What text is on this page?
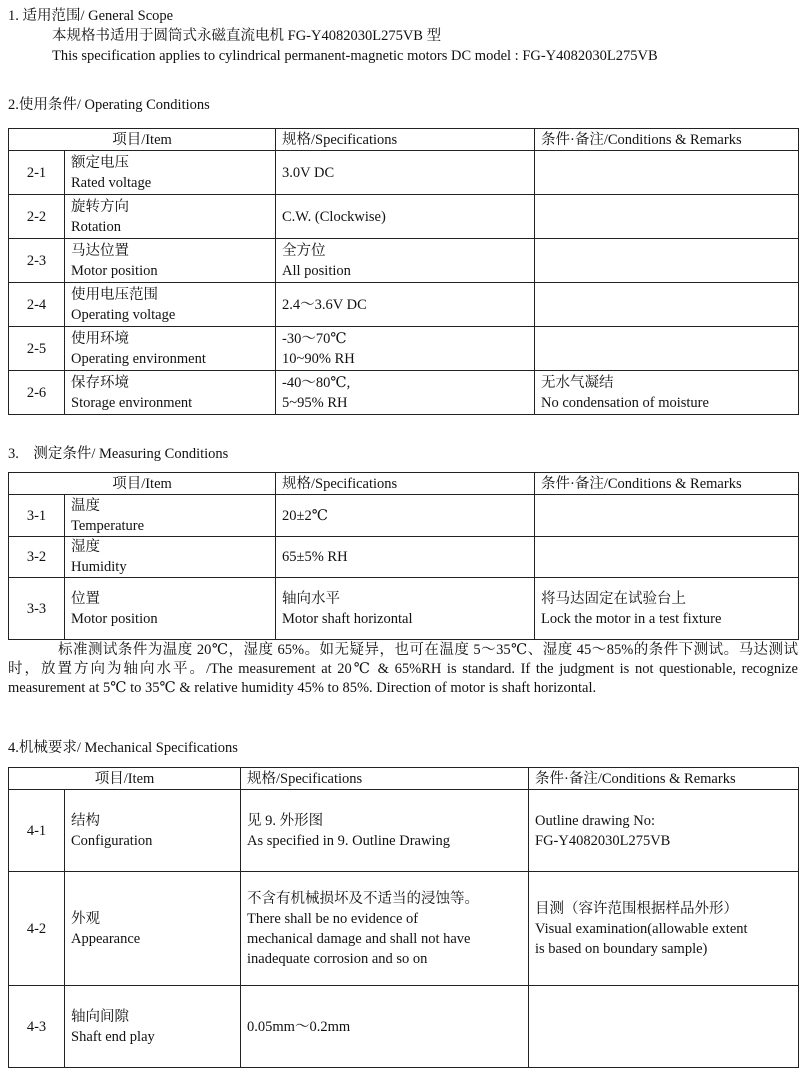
1. 适用范围/ General Scope
本规格书适用于圆筒式永磁直流电机 FG-Y4082030L275VB 型
This specification applies to cylindrical permanent-magnetic motors DC model : FG-Y4082030L275VB
2.使用条件/ Operating Conditions
项目/Item		规格/Specifications	条件·备注/Conditions & Remarks
2-1	额定电压
Rated voltage	3.0V DC	

2-2	旋转方向
Rotation	C.W. (Clockwise)	

2-3	马达位置
Motor position	全方位
All position	

2-4	使用电压范围
Operating voltage	2.4～3.6V DC	

2-5	使用环境
Operating environment	-30～70℃
10~90% RH	

2-6	保存环境
Storage environment	-40～80℃,
5~95% RH	无水气凝结
No condensation of moisture
3.　测定条件/ Measuring Conditions
项目/Item		规格/Specifications	条件·备注/Conditions & Remarks
3-1	温度
Temperature	20±2℃	

3-2	湿度
Humidity	65±5% RH	

3-3	位置
Motor position	轴向水平
Motor shaft horizontal	将马达固定在试验台上
Lock the motor in a test fixture
标准测试条件为温度 20℃，湿度 65%。如无疑异，也可在温度 5～35℃、湿度 45～85%的条件下测试。马达测试时，放置方向为轴向水平。/The measurement at 20℃ & 65%RH is standard. If the judgment is not questionable, recognize measurement at 5℃ to 35℃ & relative humidity 45% to 85%. Direction of motor is shaft horizontal.
4.机械要求/ Mechanical Specifications
项目/Item		规格/Specifications	条件·备注/Conditions & Remarks
4-1	结构
Configuration	见 9. 外形图
As specified in 9. Outline Drawing	Outline drawing No:
FG-Y4082030L275VB

4-2	外观
Appearance	不含有机械损坏及不适当的浸蚀等。
There shall be no evidence of
mechanical damage and shall not have
inadequate corrosion and so on	目测（容许范围根据样品外形）
Visual examination(allowable extent
is based on boundary sample)

4-3	轴向间隙
Shaft end play	0.05mm～0.2mm	
